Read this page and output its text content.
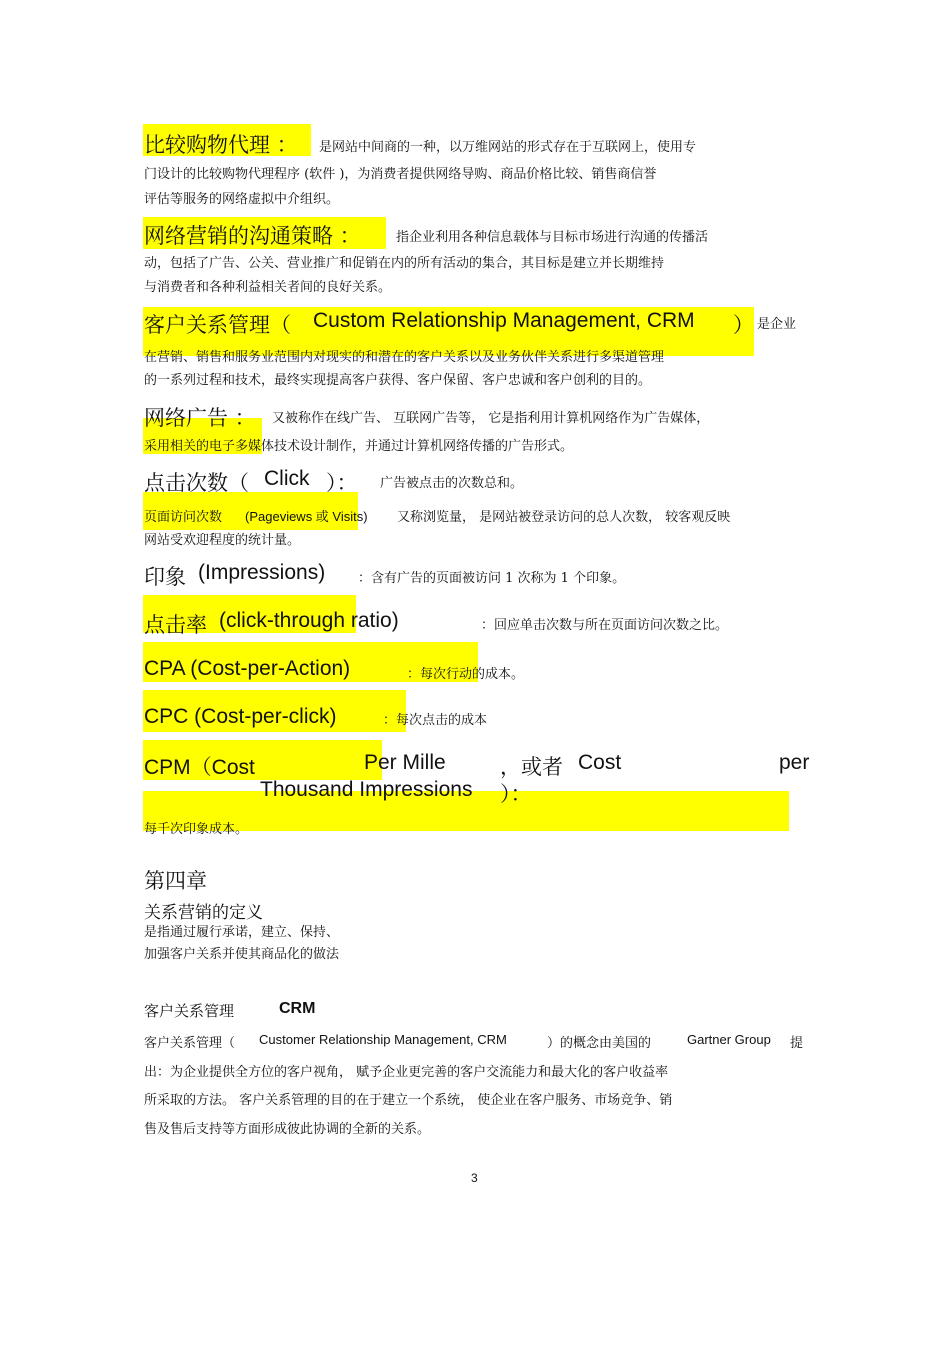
比较购物代理 ： 是网站中间商的一种，以万维网站的形式存在于互联网上，使用专
门设计的比较购物代理程序 (软件 )，为消费者提供网络导购、商品价格比较、销售商信誉
评估等服务的网络虚拟中介组织。
网络营销的沟通策略 ：	指企业利用各种信息载体与目标市场进行沟通的传播活
动，包括了广告、公关、营业推广和促销在内的所有活动的集合，其目标是建立并长期维持
与消费者和各种利益相关者间的良好关系。
客户关系管理（ Custom Relationship Management, CRM ） 是企业
在营销、销售和服务业范围内对现实的和潜在的客户关系以及业务伙伴关系进行多渠道管理
的一系列过程和技术，最终实现提高客户获得、客户保留、客户忠诚和客户创利的目的。
网络广告 ： 又被称作在线广告、 互联网广告等， 它是指利用计算机网络作为广告媒体，
采用相关的电子多媒体技术设计制作，并通过计算机网络传播的广告形式。
点击次数（ Click ）： 广告被点击的次数总和。
页面访问次数 (Pageviews 或 Visits) 又称浏览量， 是网站被登录访问的总人次数， 较客观反映
网站受欢迎程度的统计量。
印象 (Impressions)	：含有广告的页面被访问 1 次称为 1 个印象。
点击率 (click-through ratio)	：回应单击次数与所在页面访问次数之比。
CPA (Cost-per-Action)	：每次行动的成本。
CPC (Cost-per-click)	：每次点击的成本
CPM（Cost	Per Mille	，或者 Cost	per
Thousand Impressions ）：
每千次印象成本。
第四章
关系营销的定义
是指通过履行承诺，建立、保持、
加强客户关系并使其商品化的做法
客户关系管理	CRM
客户关系管理（ Customer Relationship Management, CRM	）的概念由美国的	Gartner Group 提
出：为企业提供全方位的客户视角， 赋予企业更完善的客户交流能力和最大化的客户收益率
所采取的方法。 客户关系管理的目的在于建立一个系统， 使企业在客户服务、市场竞争、销
售及售后支持等方面形成彼此协调的全新的关系。
3
